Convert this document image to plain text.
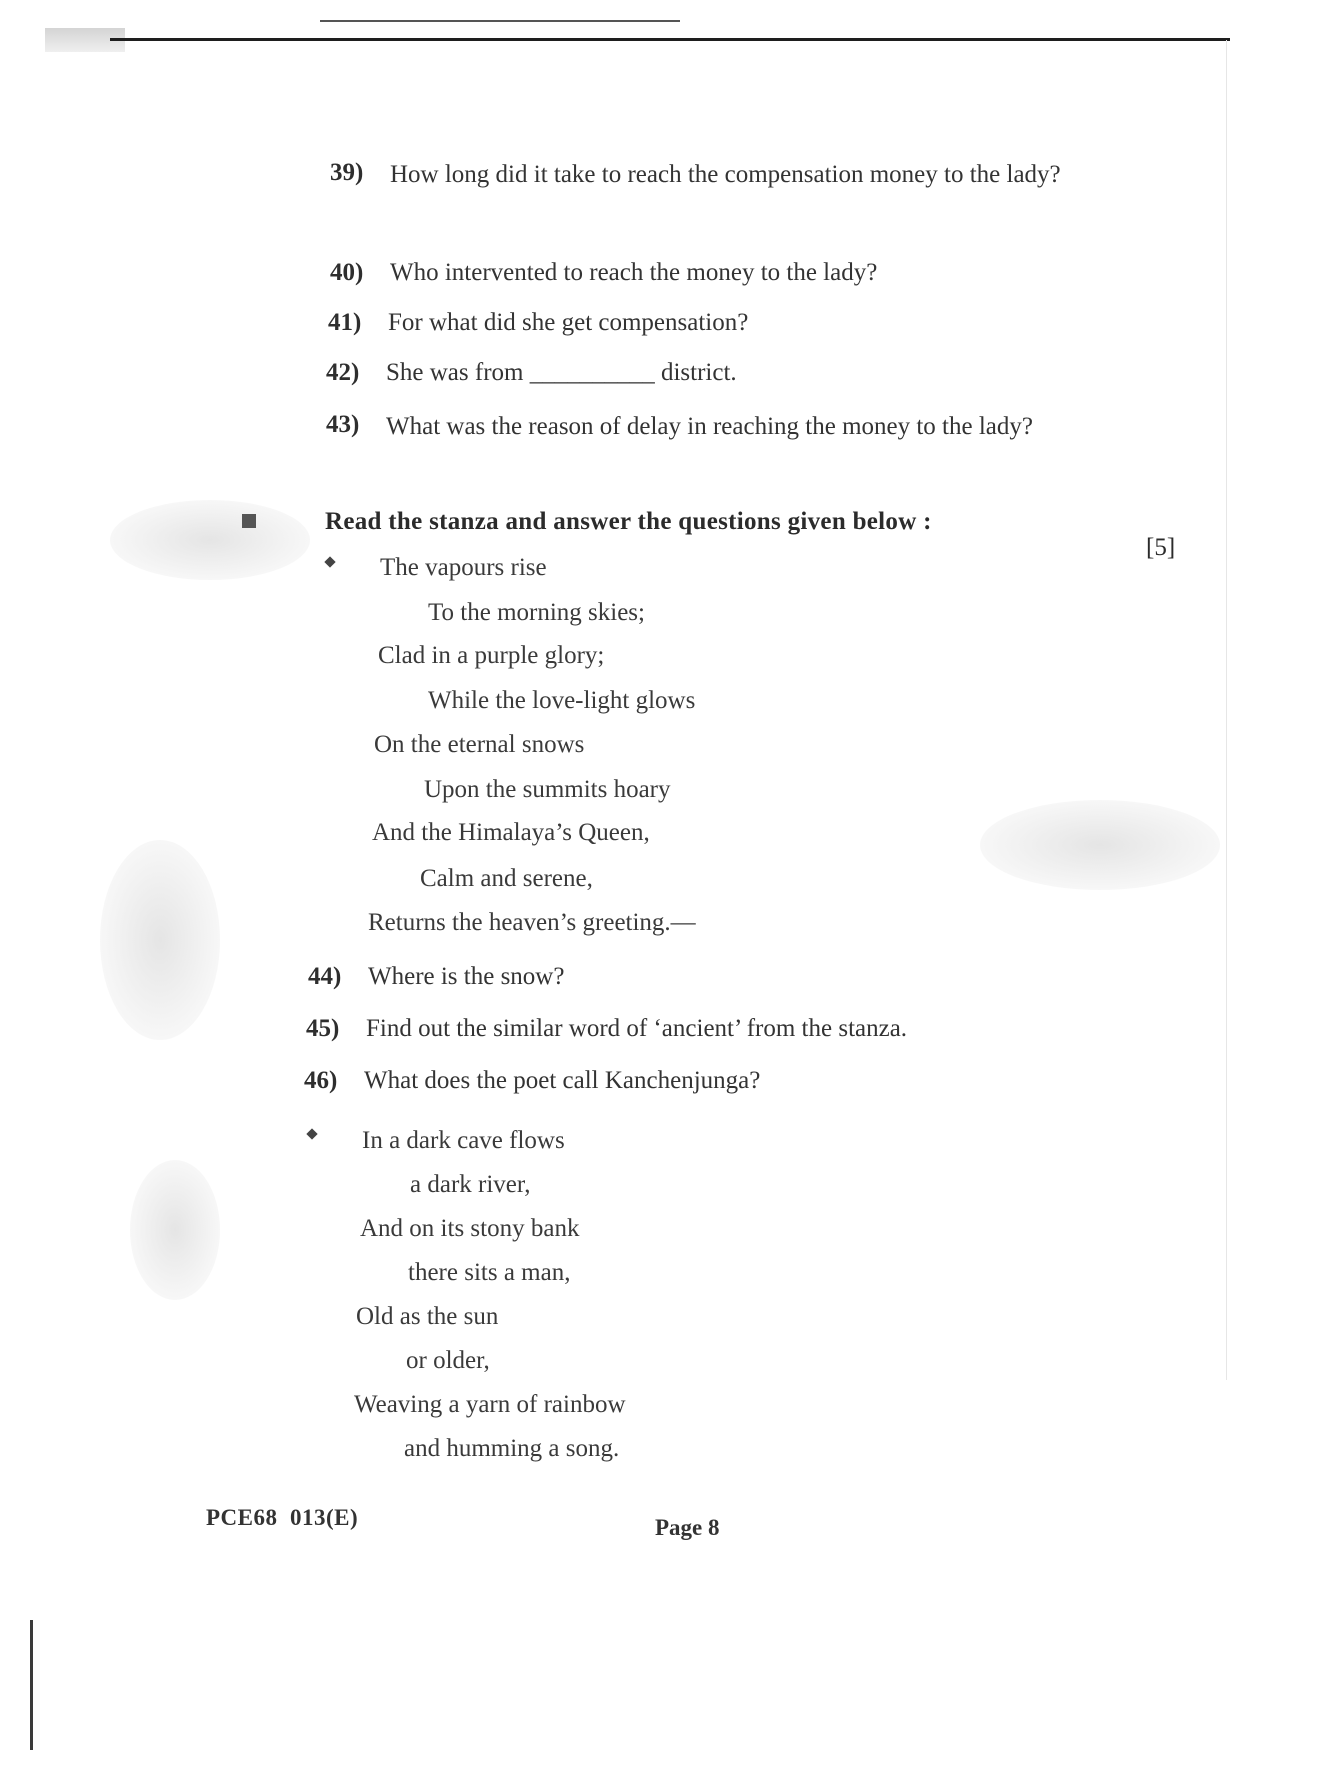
39) How long did it take to reach the compensation money to the lady?
40) Who intervented to reach the money to the lady?
41) For what did she get compensation?
42) She was from __________ district.
43) What was the reason of delay in reaching the money to the lady?
Read the stanza and answer the questions given below :
[5]
The vapours rise
To the morning skies;
Clad in a purple glory;
While the love-light glows
On the eternal snows
Upon the summits hoary
And the Himalaya’s Queen,
Calm and serene,
Returns the heaven’s greeting.—
44) Where is the snow?
45) Find out the similar word of ‘ancient’ from the stanza.
46) What does the poet call Kanchenjunga?
In a dark cave flows
a dark river,
And on its stony bank
there sits a man,
Old as the sun
or older,
Weaving a yarn of rainbow
and humming a song.
PCE68  013(E)	Page 8
